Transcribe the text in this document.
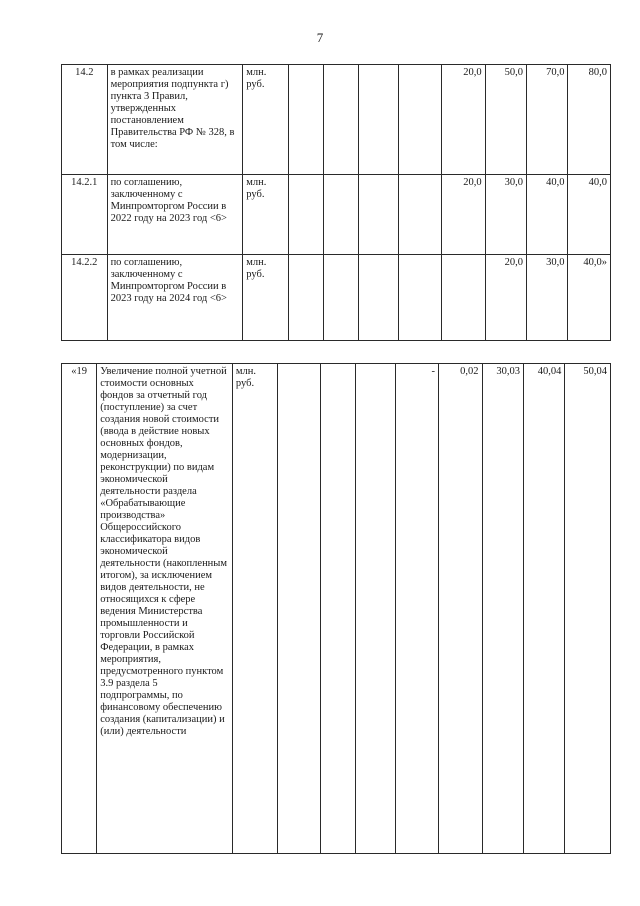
7
14.2	в рамках реализации мероприятия подпункта г) пункта 3 Правил, утвержденных постановлением Правительства РФ № 328, в том числе:	млн. руб.					20,0	50,0	70,0	80,0
14.2.1	по соглашению, заключенному с Минпромторгом России в 2022 году на 2023 год <6>	млн. руб.					20,0	30,0	40,0	40,0
14.2.2	по соглашению, заключенному с Минпромторгом России в 2023 году на 2024 год <6>	млн. руб.						20,0	30,0	40,0»
«19	Увеличение полной учетной стоимости основных фондов за отчетный год (поступление) за счет создания новой стоимости (ввода в действие новых основных фондов, модернизации, реконструкции) по видам экономической деятельности раздела «Обрабатывающие производства» Общероссийского классификатора видов экономической деятельности (накопленным итогом), за исключением видов деятельности, не относящихся к сфере ведения Министерства промышленности и торговли Российской Федерации, в рамках мероприятия, предусмотренного пунктом 3.9 раздела 5 подпрограммы, по финансовому обеспечению создания (капитализации) и (или) деятельности	млн. руб.				-	0,02	30,03	40,04	50,04
